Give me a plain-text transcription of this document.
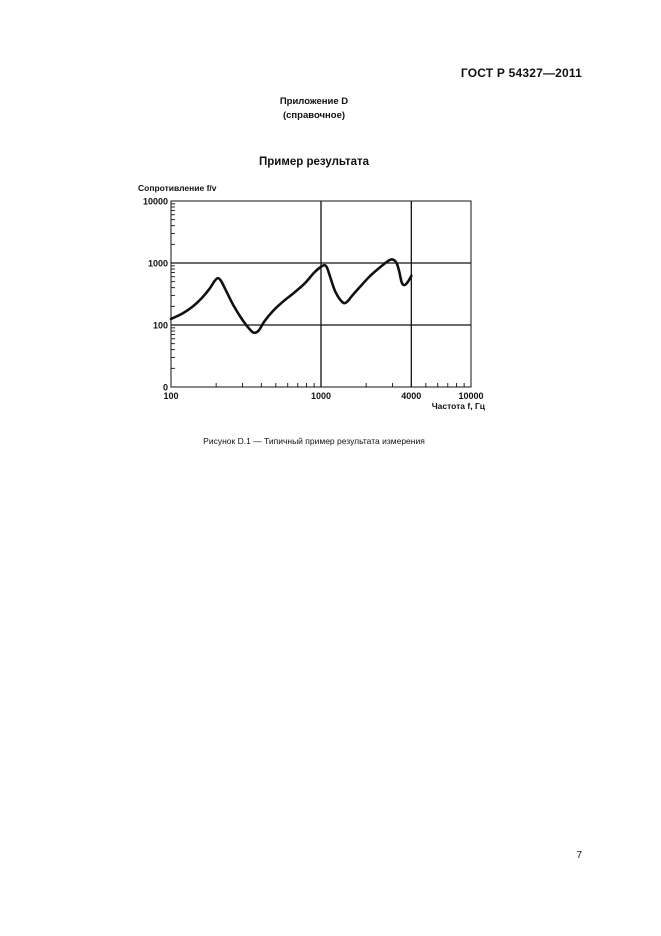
ГОСТ Р 54327—2011
Приложение D
(справочное)
Пример результата
0
100
1000
10000
100	1000	4000	10000
Сопротивление f/v
Частота f, Гц
Рисунок D.1 — Типичный пример результата измерения
7
